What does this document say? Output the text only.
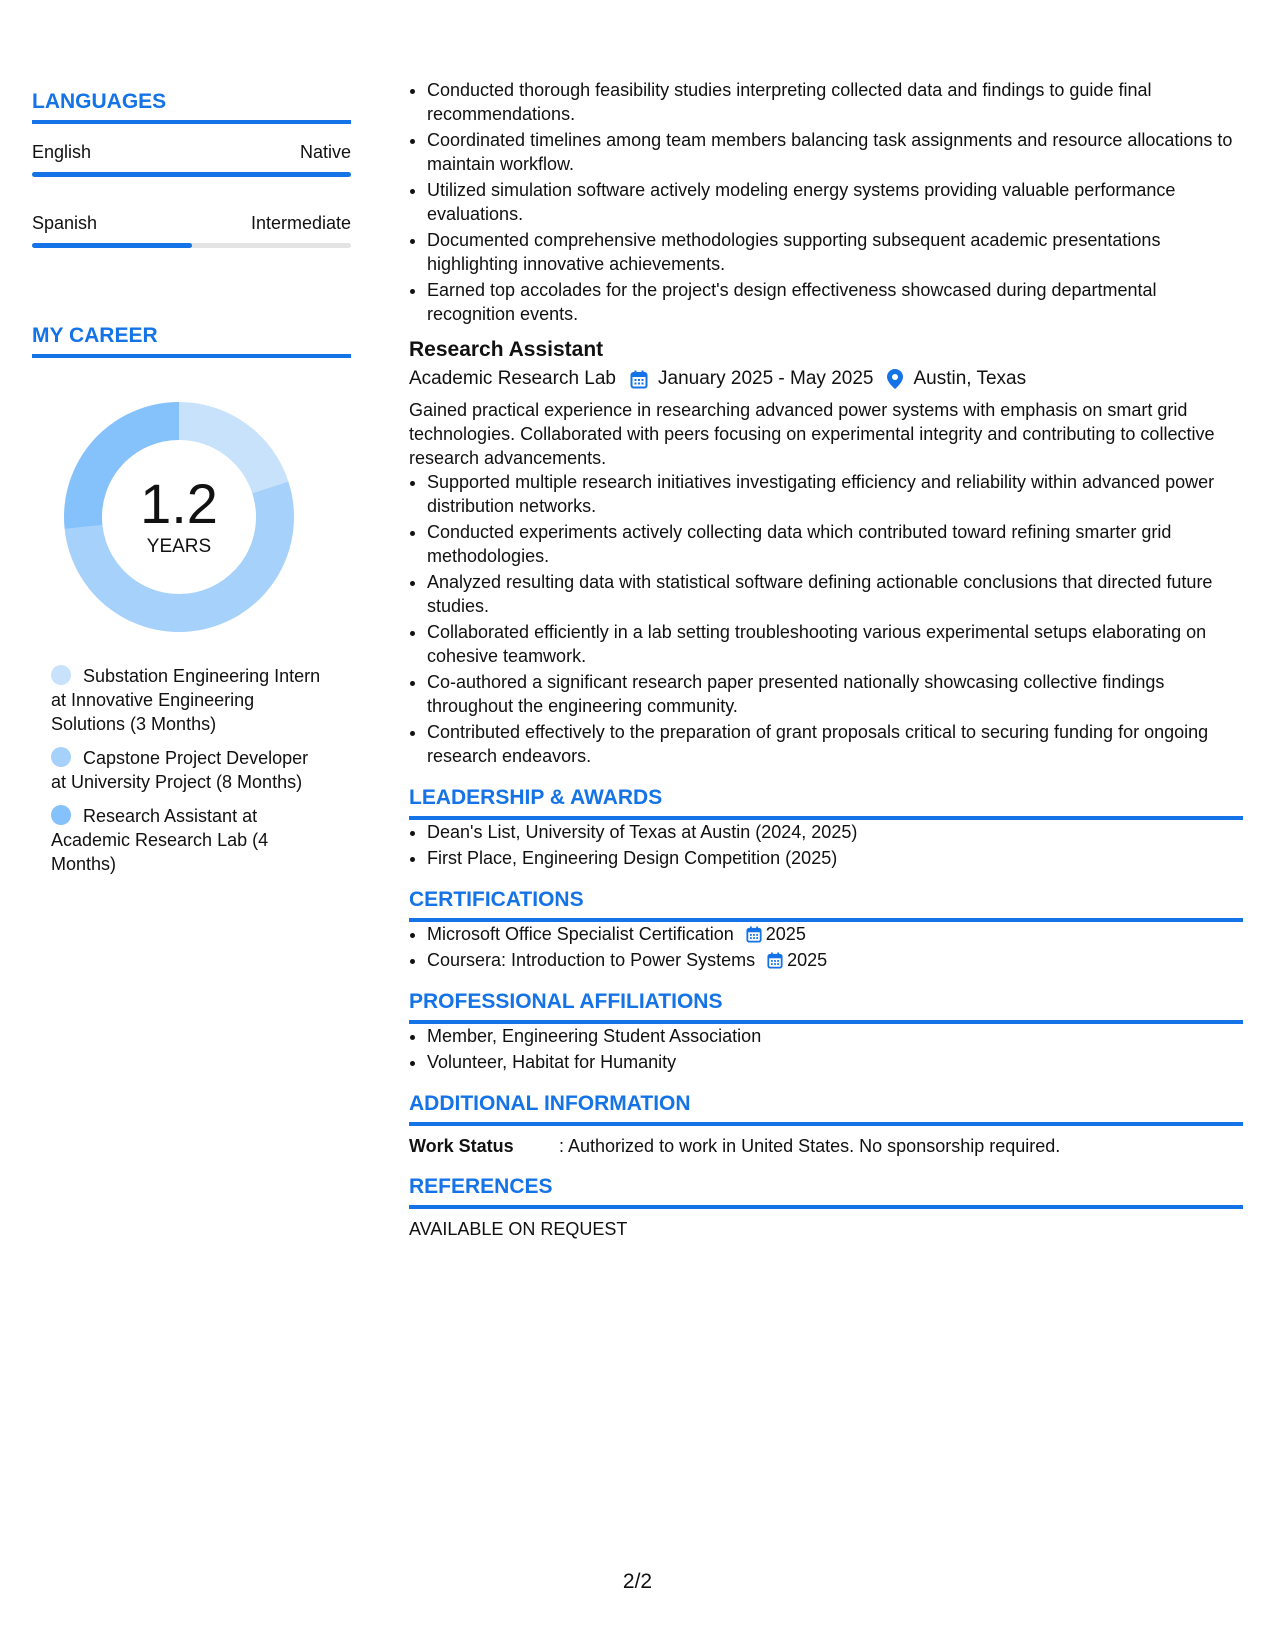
LANGUAGES
English	Native
Spanish	Intermediate
MY CAREER
1.2
YEARS
Substation Engineering Intern at Innovative Engineering Solutions (3 Months)
Capstone Project Developer at University Project (8 Months)
Research Assistant at Academic Research Lab (4 Months)
• Conducted thorough feasibility studies interpreting collected data and findings to guide final recommendations.
• Coordinated timelines among team members balancing task assignments and resource allocations to maintain workflow.
• Utilized simulation software actively modeling energy systems providing valuable performance evaluations.
• Documented comprehensive methodologies supporting subsequent academic presentations highlighting innovative achievements.
• Earned top accolades for the project's design effectiveness showcased during departmental recognition events.
Research Assistant
Academic Research Lab January 2025 - May 2025 Austin, Texas
Gained practical experience in researching advanced power systems with emphasis on smart grid technologies. Collaborated with peers focusing on experimental integrity and contributing to collective research advancements.
• Supported multiple research initiatives investigating efficiency and reliability within advanced power distribution networks.
• Conducted experiments actively collecting data which contributed toward refining smarter grid methodologies.
• Analyzed resulting data with statistical software defining actionable conclusions that directed future studies.
• Collaborated efficiently in a lab setting troubleshooting various experimental setups elaborating on cohesive teamwork.
• Co-authored a significant research paper presented nationally showcasing collective findings throughout the engineering community.
• Contributed effectively to the preparation of grant proposals critical to securing funding for ongoing research endeavors.
LEADERSHIP & AWARDS
• Dean's List, University of Texas at Austin (2024, 2025)
• First Place, Engineering Design Competition (2025)
CERTIFICATIONS
• Microsoft Office Specialist Certification 2025
• Coursera: Introduction to Power Systems 2025
PROFESSIONAL AFFILIATIONS
• Member, Engineering Student Association
• Volunteer, Habitat for Humanity
ADDITIONAL INFORMATION
Work Status	: Authorized to work in United States. No sponsorship required.
REFERENCES
AVAILABLE ON REQUEST
2/2
